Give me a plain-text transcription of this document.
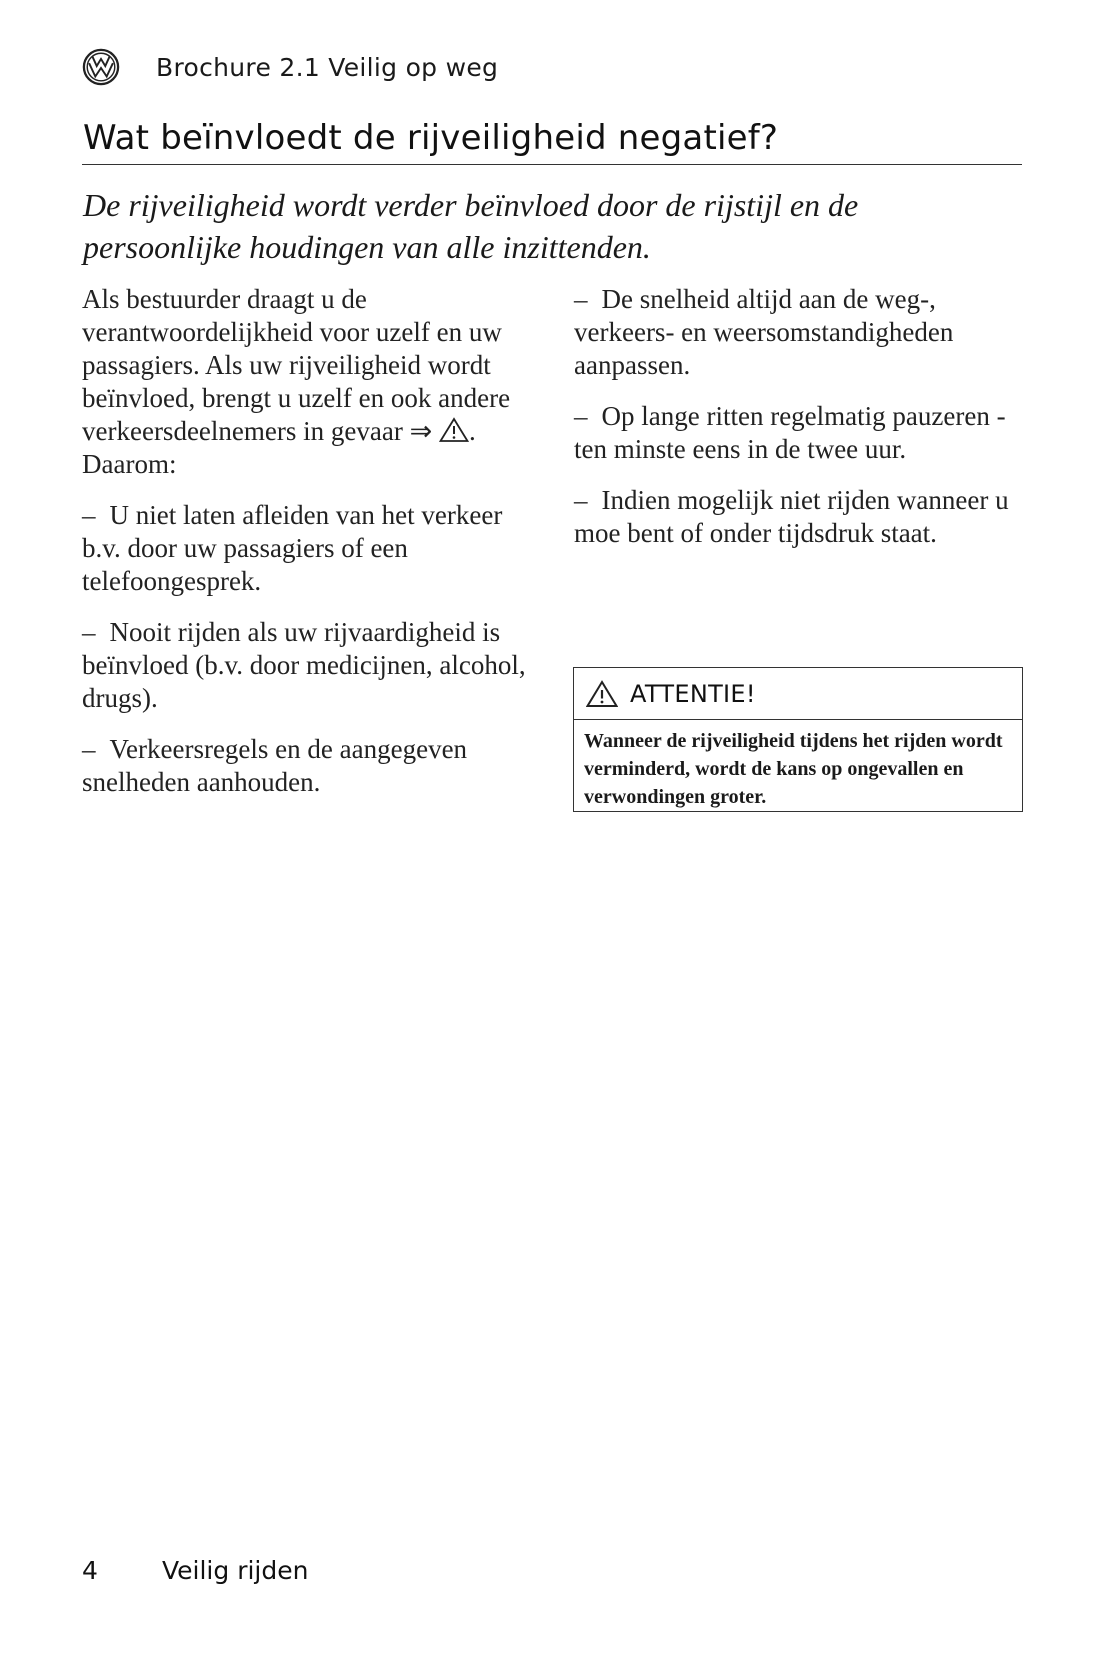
Brochure 2.1 Veilig op weg
Wat beïnvloedt de rijveiligheid negatief?
De rijveiligheid wordt verder beïnvloed door de rijstijl en de persoonlijke houdingen van alle inzittenden.

Als bestuurder draagt u de verantwoordelijkheid voor uzelf en uw passagiers. Als uw rijveiligheid wordt beïnvloed, brengt u uzelf en ook andere verkeersdeelnemers in gevaar ⇒ . Daarom:

– U niet laten afleiden van het verkeer b.v. door uw passagiers of een telefoongesprek.

– Nooit rijden als uw rijvaardigheid is beïnvloed (b.v. door medicijnen, alcohol, drugs).

– Verkeersregels en de aangegeven snelheden aanhouden.

– De snelheid altijd aan de weg-, verkeers- en weersomstandigheden aanpassen.

– Op lange ritten regelmatig pauzeren - ten minste eens in de twee uur.

– Indien mogelijk niet rijden wanneer u moe bent of onder tijdsdruk staat.

ATTENTIE!
Wanneer de rijveiligheid tijdens het rijden wordt verminderd, wordt de kans op ongevallen en verwondingen groter.
4	Veilig rijden
